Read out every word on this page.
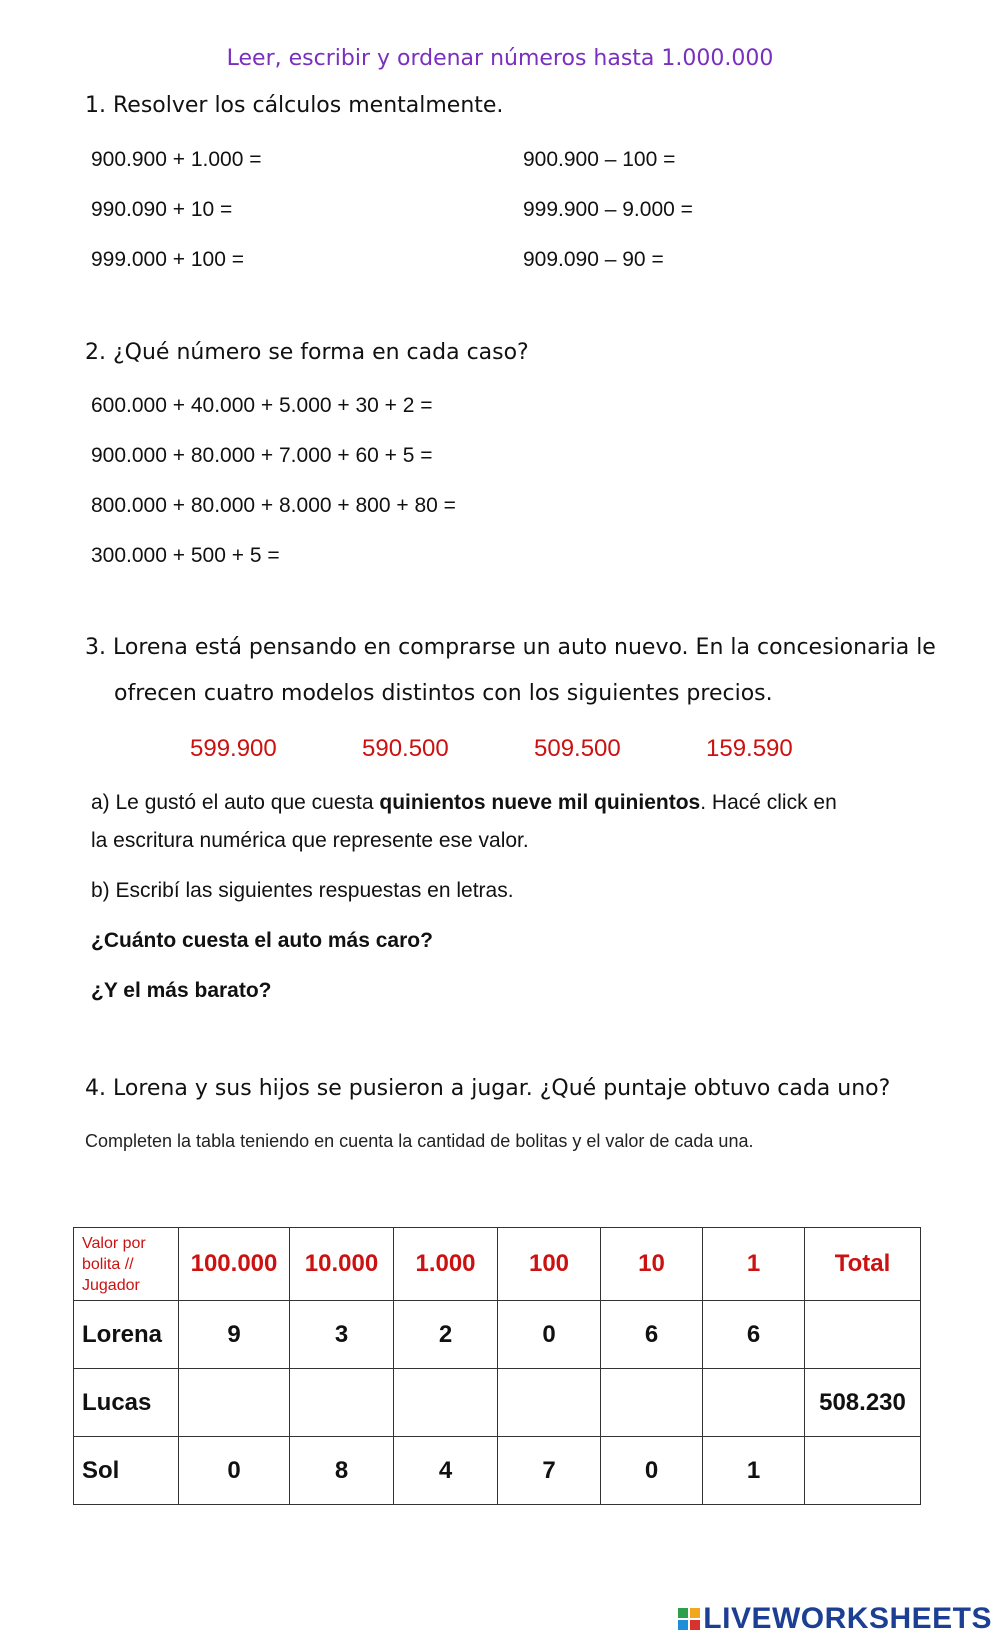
Leer, escribir y ordenar números hasta 1.000.000
1. Resolver los cálculos mentalmente.
900.900 + 1.000 =
990.090 + 10 =
999.000 + 100 =
900.900 – 100 =
999.900 – 9.000 =
909.090 – 90 =
2. ¿Qué número se forma en cada caso?
600.000 + 40.000 + 5.000 + 30 + 2 =
900.000 + 80.000 + 7.000 + 60 + 5 =
800.000 + 80.000 + 8.000 + 800 + 80 =
300.000 + 500 + 5 =
3. Lorena está pensando en comprarse un auto nuevo. En la concesionaria le
ofrecen cuatro modelos distintos con los siguientes precios.
599.900	590.500	509.500	159.590
a) Le gustó el auto que cuesta quinientos nueve mil quinientos. Hacé click en
la escritura numérica que represente ese valor.
b) Escribí las siguientes respuestas en letras.
¿Cuánto cuesta el auto más caro?
¿Y el más barato?
4. Lorena y sus hijos se pusieron a jugar. ¿Qué puntaje obtuvo cada uno?
Completen la tabla teniendo en cuenta la cantidad de bolitas y el valor de cada una.
Valor por bolita // Jugador	100.000	10.000	1.000	100	10	1	Total
Lorena	9	3	2	0	6	6	
Lucas							508.230
Sol	0	8	4	7	0	1	
LIVEWORKSHEETS
